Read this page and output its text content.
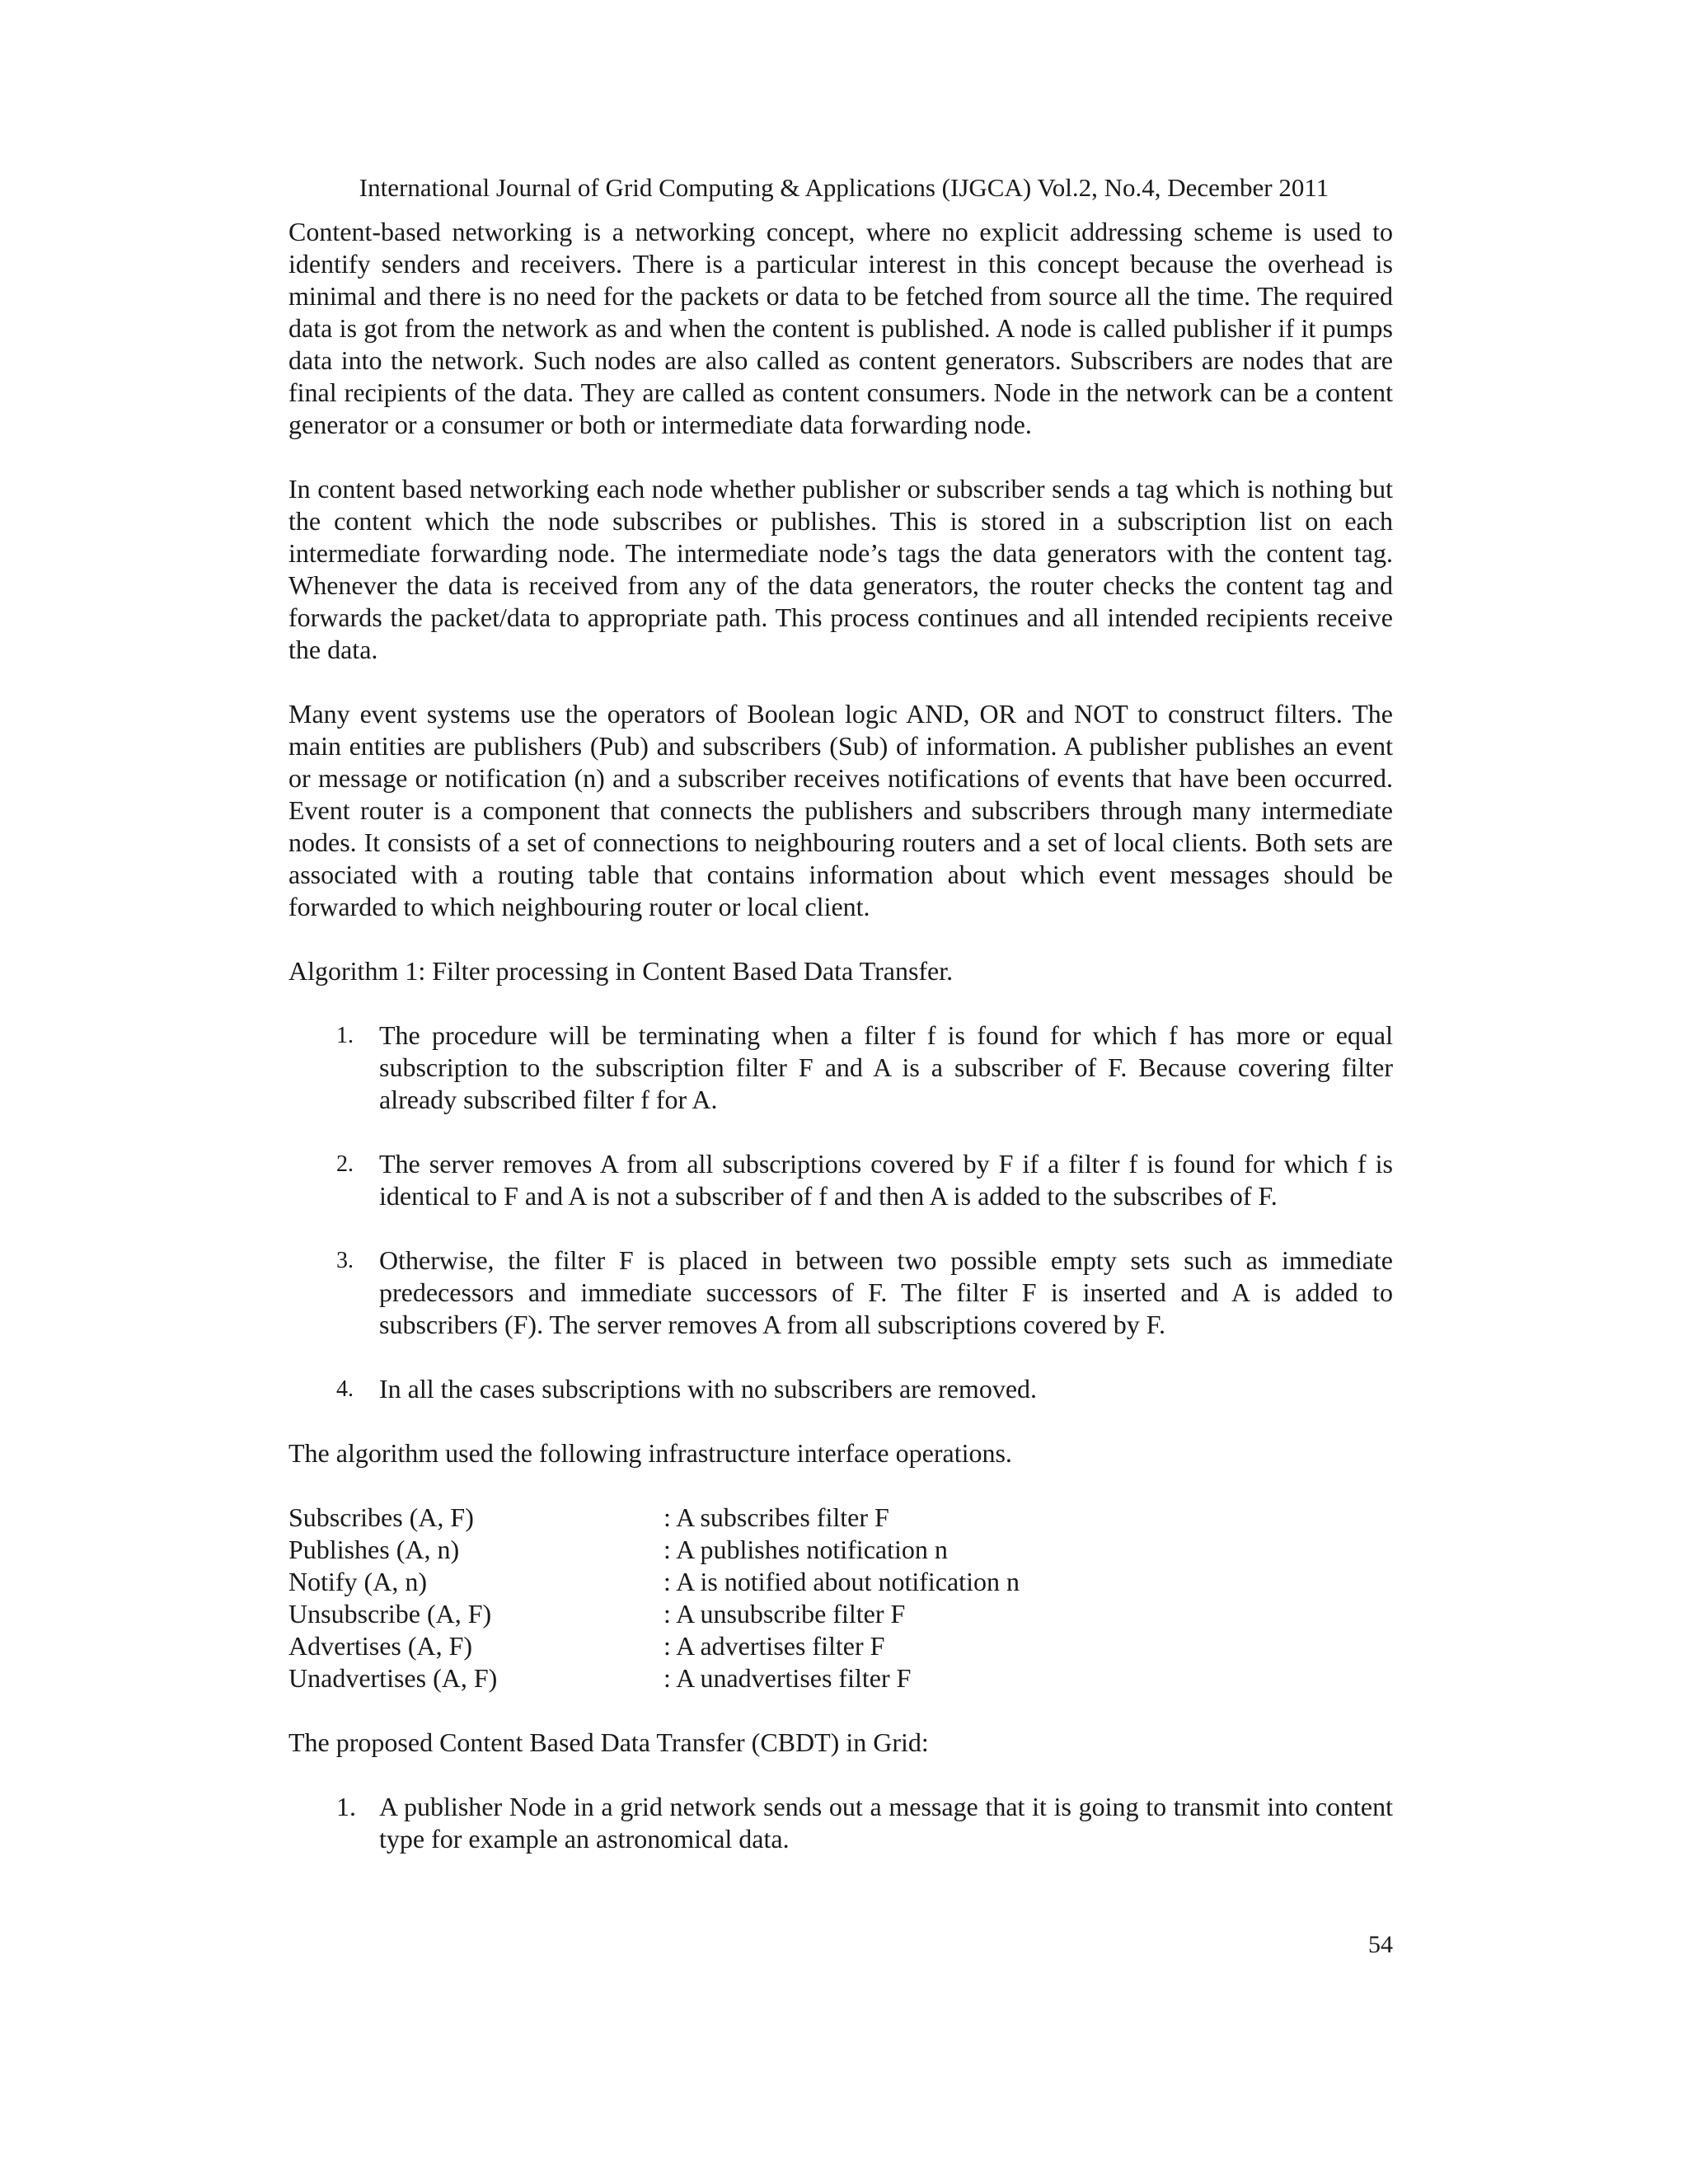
International Journal of Grid Computing & Applications (IJGCA) Vol.2, No.4, December 2011

Content-based networking is a networking concept, where no explicit addressing scheme is used to identify senders and receivers. There is a particular interest in this concept because the overhead is minimal and there is no need for the packets or data to be fetched from source all the time. The required data is got from the network as and when the content is published. A node is called publisher if it pumps data into the network. Such nodes are also called as content generators. Subscribers are nodes that are final recipients of the data. They are called as content consumers. Node in the network can be a content generator or a consumer or both or intermediate data forwarding node.

In content based networking each node whether publisher or subscriber sends a tag which is nothing but the content which the node subscribes or publishes. This is stored in a subscription list on each intermediate forwarding node. The intermediate node’s tags the data generators with the content tag. Whenever the data is received from any of the data generators, the router checks the content tag and forwards the packet/data to appropriate path. This process continues and all intended recipients receive the data.

Many event systems use the operators of Boolean logic AND, OR and NOT to construct filters. The main entities are publishers (Pub) and subscribers (Sub) of information. A publisher publishes an event or message or notification (n) and a subscriber receives notifications of events that have been occurred. Event router is a component that connects the publishers and subscribers through many intermediate nodes. It consists of a set of connections to neighbouring routers and a set of local clients. Both sets are associated with a routing table that contains information about which event messages should be forwarded to which neighbouring router or local client.

Algorithm 1: Filter processing in Content Based Data Transfer.

1. The procedure will be terminating when a filter f is found for which f has more or equal subscription to the subscription filter F and A is a subscriber of F. Because covering filter already subscribed filter f for A.
2. The server removes A from all subscriptions covered by F if a filter f is found for which f is identical to F and A is not a subscriber of f and then A is added to the subscribes of F.
3. Otherwise, the filter F is placed in between two possible empty sets such as immediate predecessors and immediate successors of F. The filter F is inserted and A is added to subscribers (F). The server removes A from all subscriptions covered by F.
4. In all the cases subscriptions with no subscribers are removed.

The algorithm used the following infrastructure interface operations.

Subscribes (A, F)	: A subscribes filter F
Publishes (A, n)	: A publishes notification n
Notify (A, n)	: A is notified about notification n
Unsubscribe (A, F)	: A unsubscribe filter F
Advertises (A, F)	: A advertises filter F
Unadvertises (A, F)	: A unadvertises filter F

The proposed Content Based Data Transfer (CBDT) in Grid:

1. A publisher Node in a grid network sends out a message that it is going to transmit into content type for example an astronomical data.
54
